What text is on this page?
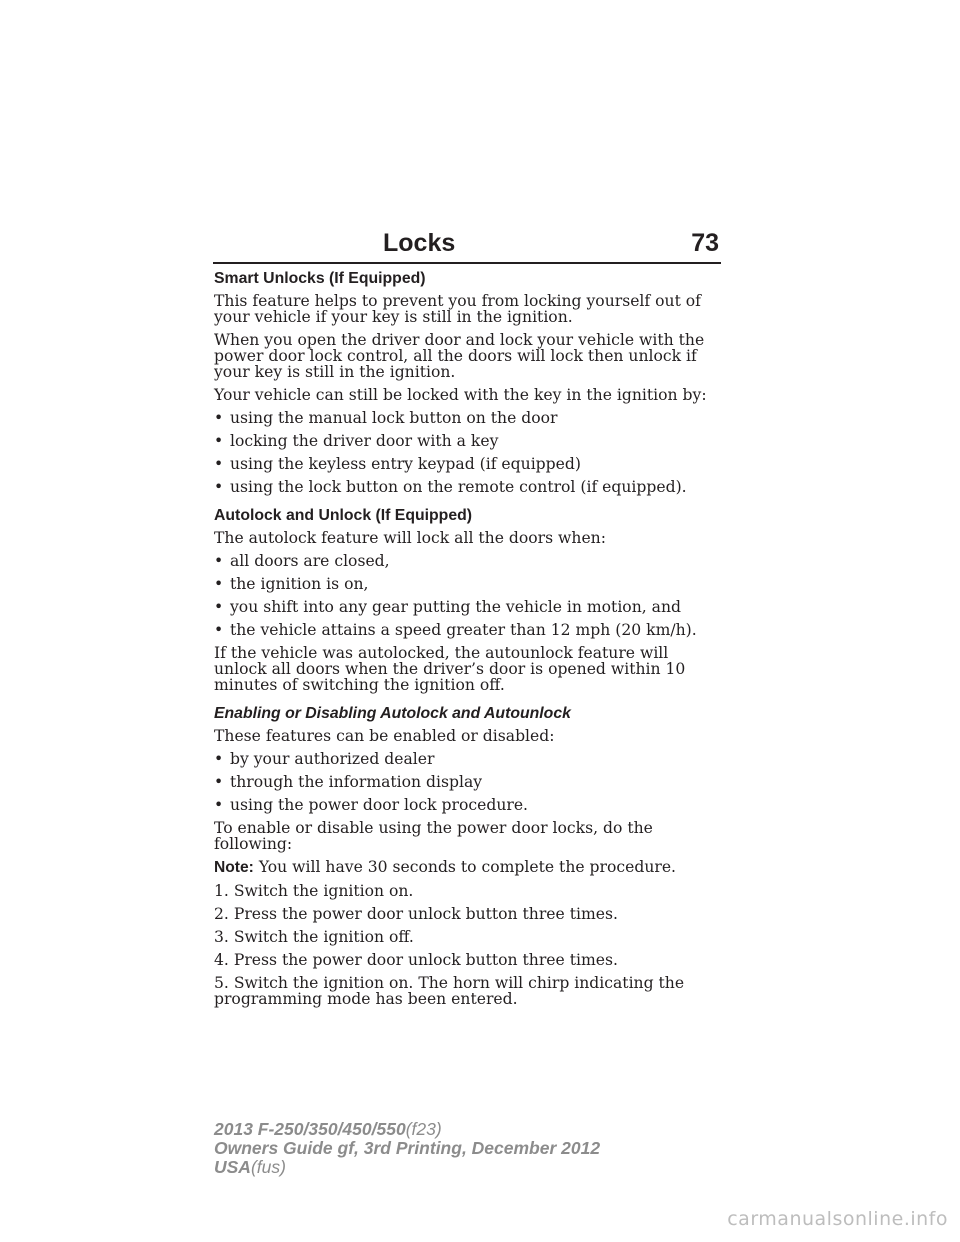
Locks	73
Smart Unlocks (If Equipped)

This feature helps to prevent you from locking yourself out of your vehicle if your key is still in the ignition.

When you open the driver door and lock your vehicle with the power door lock control, all the doors will lock then unlock if your key is still in the ignition.

Your vehicle can still be locked with the key in the ignition by:

• using the manual lock button on the door
• locking the driver door with a key
• using the keyless entry keypad (if equipped)
• using the lock button on the remote control (if equipped).
Autolock and Unlock (If Equipped)

The autolock feature will lock all the doors when:

• all doors are closed,
• the ignition is on,
• you shift into any gear putting the vehicle in motion, and
• the vehicle attains a speed greater than 12 mph (20 km/h).

If the vehicle was autolocked, the autounlock feature will unlock all doors when the driver’s door is opened within 10 minutes of switching the ignition off.

Enabling or Disabling Autolock and Autounlock

These features can be enabled or disabled:

• by your authorized dealer
• through the information display
• using the power door lock procedure.

To enable or disable using the power door locks, do the following:

Note: You will have 30 seconds to complete the procedure.

1. Switch the ignition on.

2. Press the power door unlock button three times.

3. Switch the ignition off.

4. Press the power door unlock button three times.

5. Switch the ignition on. The horn will chirp indicating the programming mode has been entered.

2013 F-250/350/450/550(f23)
Owners Guide gf, 3rd Printing, December 2012
USA(fus)
carmanualsonline.info
